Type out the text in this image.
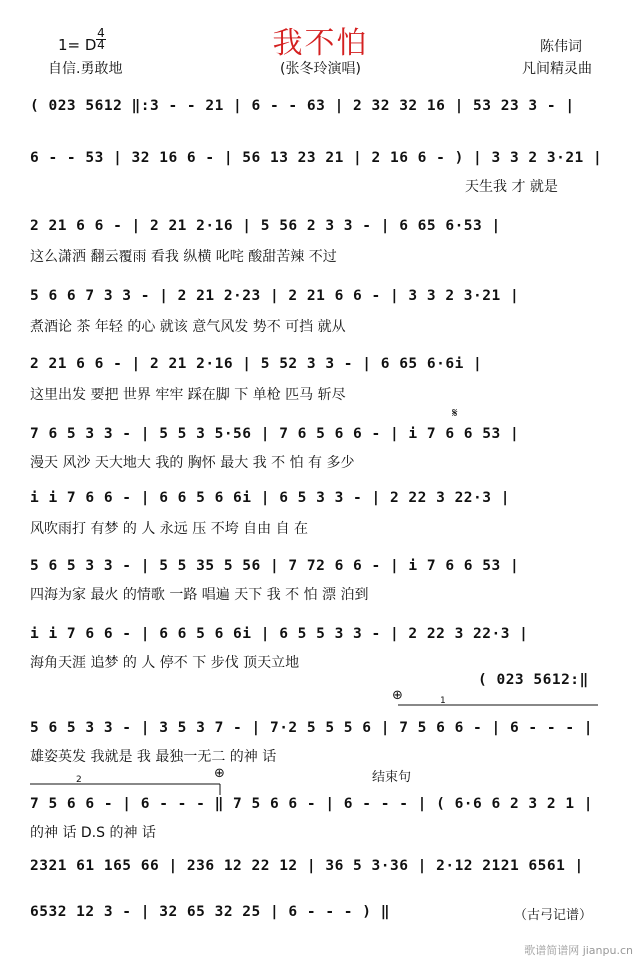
我不怕
1= D
4
4
自信.勇敢地	(张冬玲演唱)
陈伟词
凡间精灵曲
( 023 5612 ‖:3 - - 21 | 6 - - 63 | 2 32 32 16 | 53 23 3 - |
6 - - 53 | 32 16 6 - | 56 13 23 21 | 2 16 6 - ) | 3 3 2 3·21 |
天生我 才 就是
2 21 6 6 - | 2 21 2·16 | 5 56 2 3 3 - | 6 65 6·53 |
这么潇洒 翻云覆雨 看我 纵横 叱咤 酸甜苦辣 不过
5 6 6 7 3 3 - | 2 21 2·23 | 2 21 6 6 - | 3 3 2 3·21 |
煮酒论 茶 年轻 的心 就该 意气风发 势不 可挡 就从
2 21 6 6 - | 2 21 2·16 | 5 52 3 3 - | 6 65 6·6i |
这里出发 要把 世界 牢牢 踩在脚 下 单枪 匹马 斩尽
𝄋
7 6 5 3 3 - | 5 5 3 5·56 | 7 6 5 6 6 - | i 7 6 6 53 |
漫天 风沙 天大地大 我的 胸怀 最大 我 不 怕 有 多少
i i 7 6 6 - | 6 6 5 6 6i | 6 5 3 3 - | 2 22 3 22·3 |
风吹雨打 有梦 的 人 永远 压 不垮 自由 自 在
5 6 5 3 3 - | 5 5 35 5 56 | 7 72 6 6 - | i 7 6 6 53 |
四海为家 最火 的情歌 一路 唱遍 天下 我 不 怕 漂 泊到
i i 7 6 6 - | 6 6 5 6 6i | 6 5 5 3 3 - | 2 22 3 22·3 |
海角天涯 追梦 的 人 停不 下 步伐 顶天立地
( 023 5612:‖
⊕	1
5 6 5 3 3 - | 3 5 3 7 - | 7·2 5 5 5 6 | 7 5 6 6 - | 6 - - - |
雄姿英发 我就是 我 最独一无二 的神 话
⊕	结束句
2
7 5 6 6 - | 6 - - - ‖ 7 5 6 6 - | 6 - - - | ( 6·6 6 2 3 2 1 |
的神 话 D.S 的神 话
2321 61 165 66 | 236 12 22 12 | 36 5 3·36 | 2·12 2121 6561 |
6532 12 3 - | 32 65 32 25 | 6 - - - ) ‖	（古弓记谱）
歌谱简谱网 jianpu.cn
